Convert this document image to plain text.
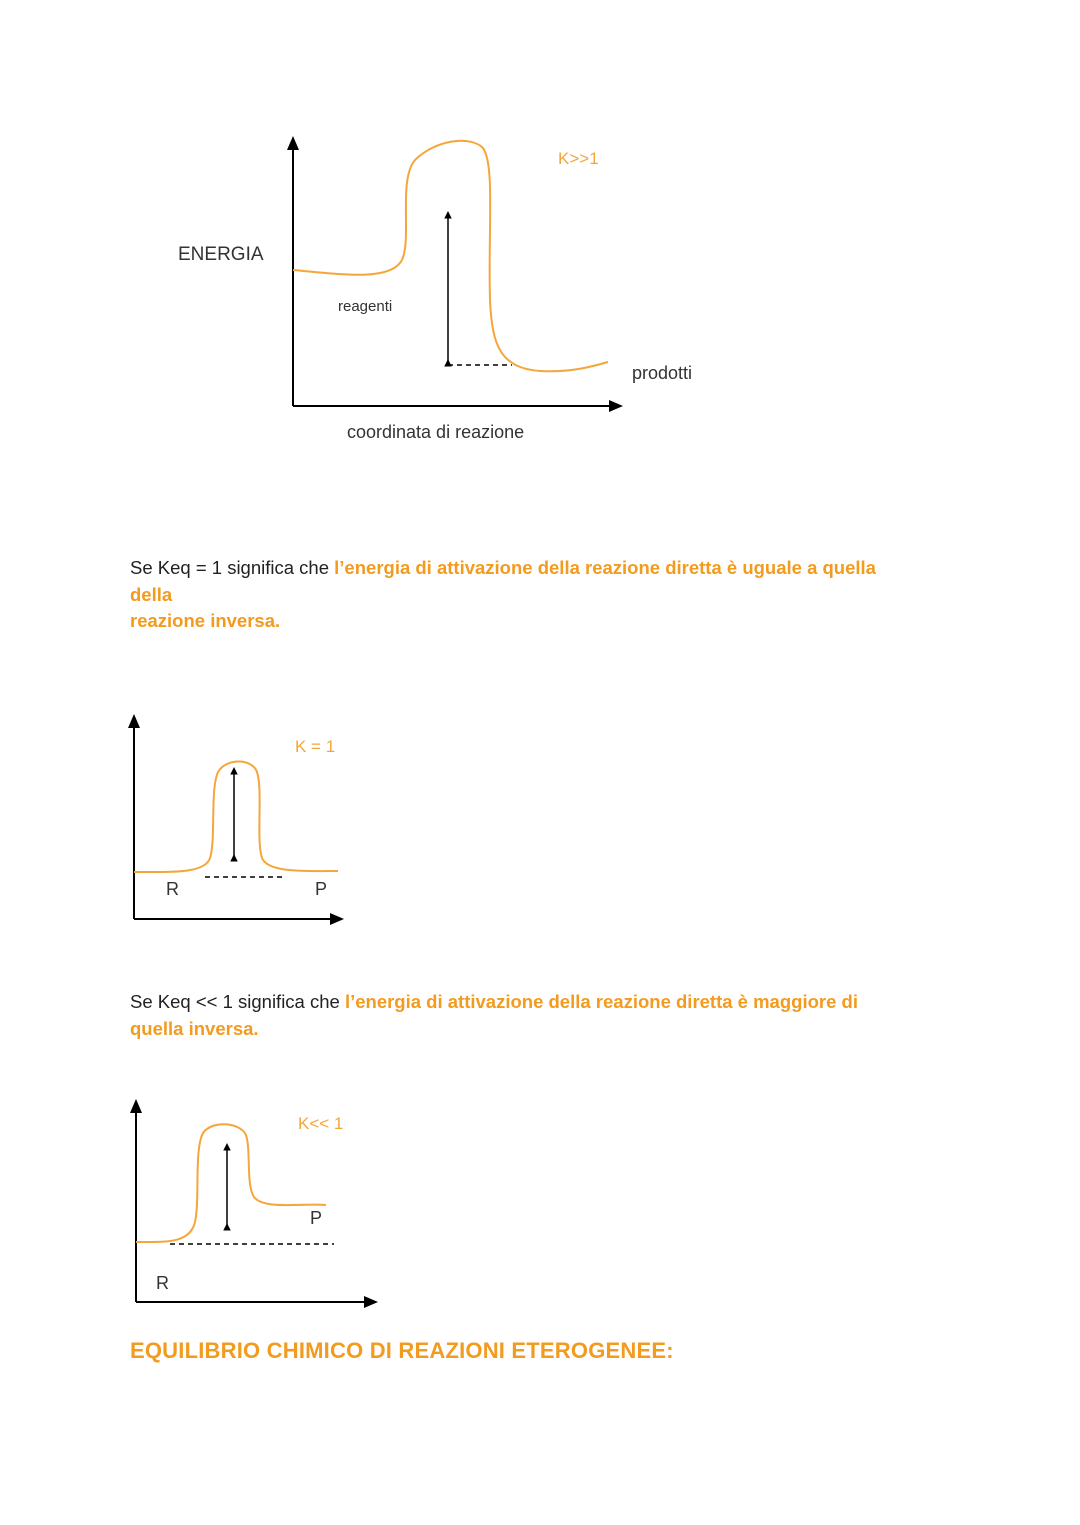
ENERGIA
reagenti
prodotti
coordinata di reazione
K>>1

Se Keq = 1 significa che l’energia di attivazione della reazione diretta è uguale a quella
della
reazione inversa.

K = 1
R	P

Se Keq << 1 significa che l’energia di attivazione della reazione diretta è maggiore di
quella inversa.

K<< 1
P
R
EQUILIBRIO CHIMICO DI REAZIONI ETEROGENEE:
